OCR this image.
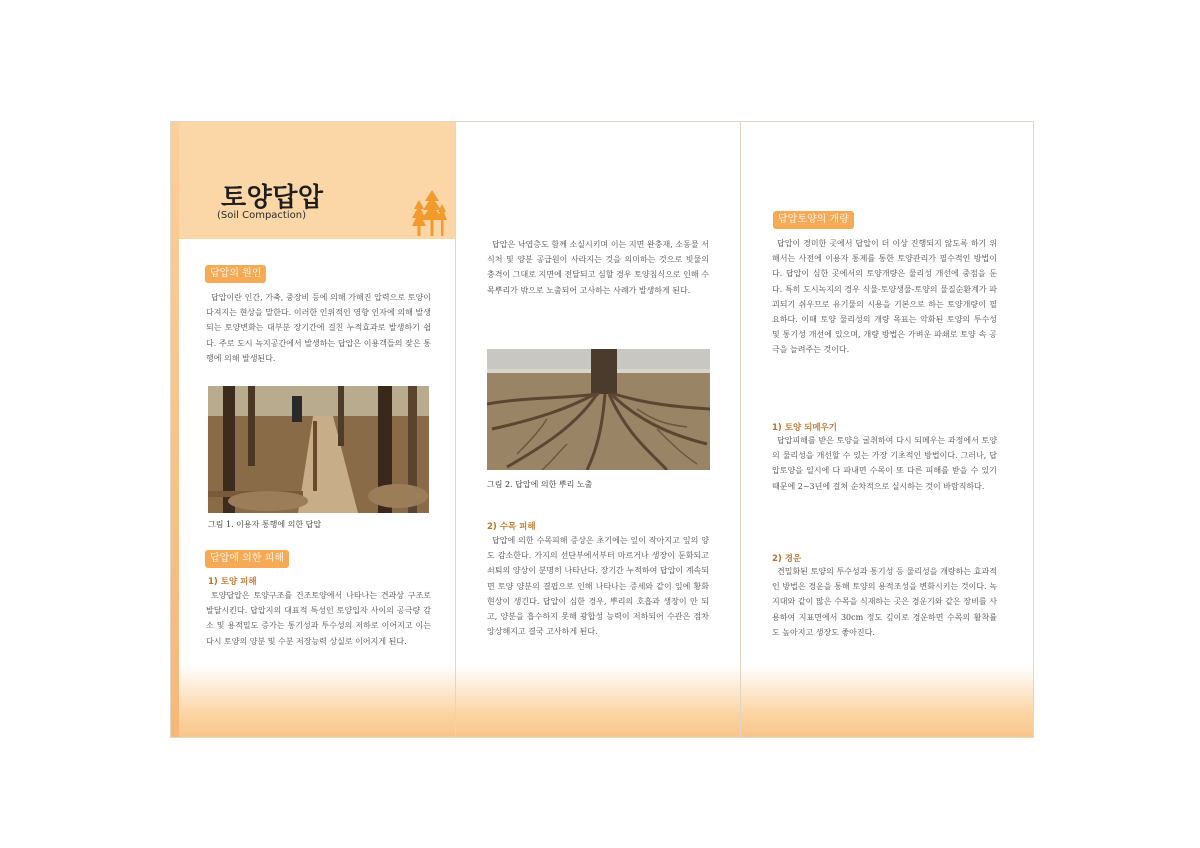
토양답압
(Soil Compaction)
답압의 원인
답압이란 인간, 가축, 중장비 등에 의해 가해진 압력으로 토양이 다져지는 현상을 말한다. 이러한 인위적인 영향 인자에 의해 발생되는 토양변화는 대부분 장기간에 걸친 누적효과로 발생하기 쉽다. 주로 도시 녹지공간에서 발생하는 답압은 이용객들의 잦은 통행에 의해 발생된다.
그림 1. 이용자 통행에 의한 답압
답압에 의한 피해
1) 토양 피해
토양답압은 토양구조를 건조토양에서 나타나는 견과상 구조로 발달시킨다. 답압지의 대표적 특성인 토양입자 사이의 공극량 감소 및 용적밀도 증가는 통기성과 투수성의 저하로 이어지고 이는 다시 토양의 양분 및 수분 저장능력 상실로 이어지게 된다.
답압은 낙엽층도 함께 소실시키며 이는 지면 완충재, 소동물 서식처 및 양분 공급원이 사라지는 것을 의미하는 것으로 빗물의 충격이 그대로 지면에 전달되고 심할 경우 토양침식으로 인해 수목뿌리가 밖으로 노출되어 고사하는 사례가 발생하게 된다.
그림 2. 답압에 의한 뿌리 노출
2) 수목 피해
답압에 의한 수목피해 증상은 초기에는 잎이 작아지고 잎의 양도 감소한다. 가지의 선단부에서부터 마르거나 생장이 둔화되고 쇠퇴의 양상이 분명히 나타난다. 장기간 누적하여 답압이 계속되면 토양 양분의 결핍으로 인해 나타나는 증세와 같이 잎에 황화현상이 생긴다. 답압이 심한 경우, 뿌리의 호흡과 생장이 안 되고, 양분을 흡수하지 못해 광합성 능력이 저하되어 수관은 점차 앙상해지고 결국 고사하게 된다.
답압토양의 개량
답압이 경미한 곳에서 답압이 더 이상 진행되지 않도록 하기 위해서는 사전에 이용자 통제를 통한 토양관리가 필수적인 방법이다. 답압이 심한 곳에서의 토양개량은 물리성 개선에 중점을 둔다. 특히 도시녹지의 경우 식물-토양생물-토양의 물질순환계가 파괴되기 쉬우므로 유기물의 시용을 기본으로 하는 토양개량이 필요하다. 이때 토양 물리성의 개량 목표는 악화된 토양의 투수성 및 통기성 개선에 있으며, 개량 방법은 가벼운 파쇄로 토양 속 공극을 늘려주는 것이다.
1) 토양 되메우기
답압피해를 받은 토양을 굴취하여 다시 되메우는 과정에서 토양의 물리성을 개선할 수 있는 가장 기초적인 방법이다. 그러나, 답압토양을 일시에 다 파내면 수목이 또 다른 피해를 받을 수 있기 때문에 2~3년에 걸쳐 순차적으로 실시하는 것이 바람직하다.
2) 경운
견밀화된 토양의 투수성과 통기성 등 물리성을 개량하는 효과적인 방법은 경운을 통해 토양의 용적조성을 변화시키는 것이다. 녹지대와 같이 많은 수목을 식재하는 곳은 경운기와 같은 장비를 사용하여 지표면에서 30cm 정도 깊이로 경운하면 수목의 활착률도 높아지고 생장도 좋아진다.
